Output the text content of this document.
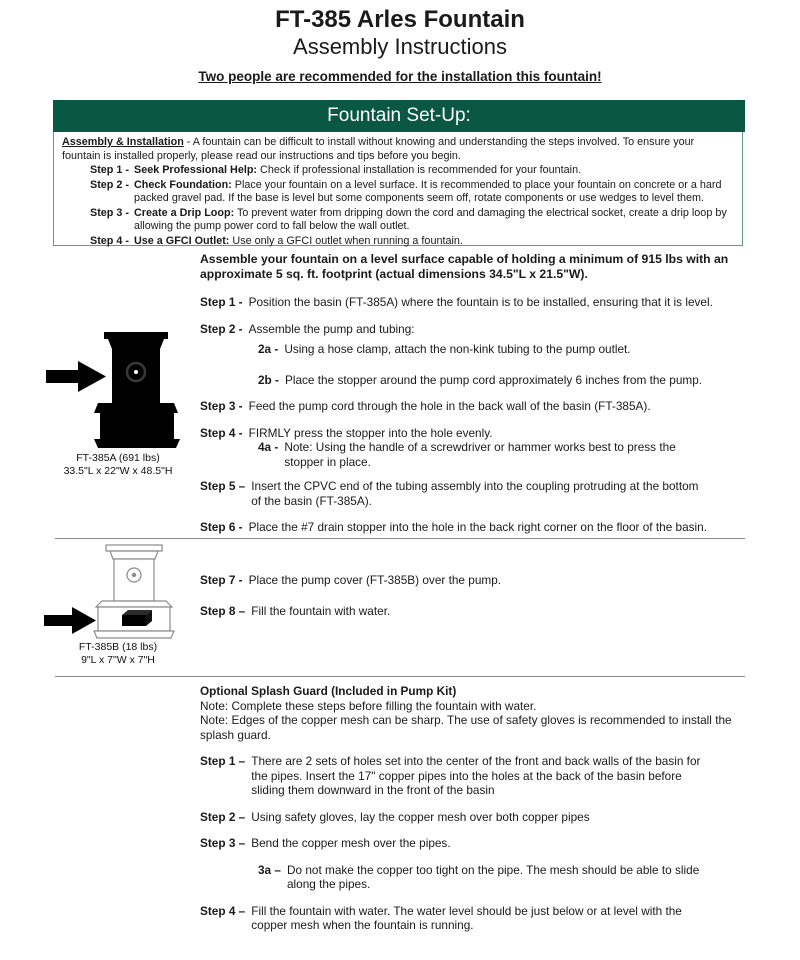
FT-385 Arles Fountain
Assembly Instructions
Two people are recommended for the installation this fountain!
Fountain Set-Up:
Assembly & Installation - A fountain can be difficult to install without knowing and understanding the steps involved. To ensure your fountain is installed properly, please read our instructions and tips before you begin.
Step 1 - Seek Professional Help: Check if professional installation is recommended for your fountain.
Step 2 - Check Foundation: Place your fountain on a level surface. It is recommended to place your fountain on concrete or a hard packed gravel pad. If the base is level but some components seem off, rotate components or use wedges to level them.
Step 3 - Create a Drip Loop: To prevent water from dripping down the cord and damaging the electrical socket, create a drip loop by allowing the pump power cord to fall below the wall outlet.
Step 4 - Use a GFCI Outlet: Use only a GFCI outlet when running a fountain.
FT-385A (691 lbs)
33.5"L x 22"W x 48.5"H
FT-385B (18 lbs)
9"L x 7"W x 7"H
Assemble your fountain on a level surface capable of holding a minimum of 915 lbs with an approximate 5 sq. ft. footprint (actual dimensions 34.5"L x 21.5"W).
Step 1 - Position the basin (FT-385A) where the fountain is to be installed, ensuring that it is level.
Step 2 - Assemble the pump and tubing:
2a - Using a hose clamp, attach the non-kink tubing to the pump outlet.
2b - Place the stopper around the pump cord approximately 6 inches from the pump.
Step 3 - Feed the pump cord through the hole in the back wall of the basin (FT-385A).
Step 4 - FIRMLY press the stopper into the hole evenly.
4a - Note: Using the handle of a screwdriver or hammer works best to press the stopper in place.
Step 5 – Insert the CPVC end of the tubing assembly into the coupling protruding at the bottom of the basin (FT-385A).
Step 6 - Place the #7 drain stopper into the hole in the back right corner on the floor of the basin.
Step 7 - Place the pump cover (FT-385B) over the pump.
Step 8 – Fill the fountain with water.
Optional Splash Guard (Included in Pump Kit)
Note: Complete these steps before filling the fountain with water.
Note: Edges of the copper mesh can be sharp. The use of safety gloves is recommended to install the splash guard.
Step 1 – There are 2 sets of holes set into the center of the front and back walls of the basin for the pipes. Insert the 17" copper pipes into the holes at the back of the basin before sliding them downward in the front of the basin
Step 2 – Using safety gloves, lay the copper mesh over both copper pipes
Step 3 – Bend the copper mesh over the pipes.
3a – Do not make the copper too tight on the pipe. The mesh should be able to slide along the pipes.
Step 4 – Fill the fountain with water. The water level should be just below or at level with the copper mesh when the fountain is running.
